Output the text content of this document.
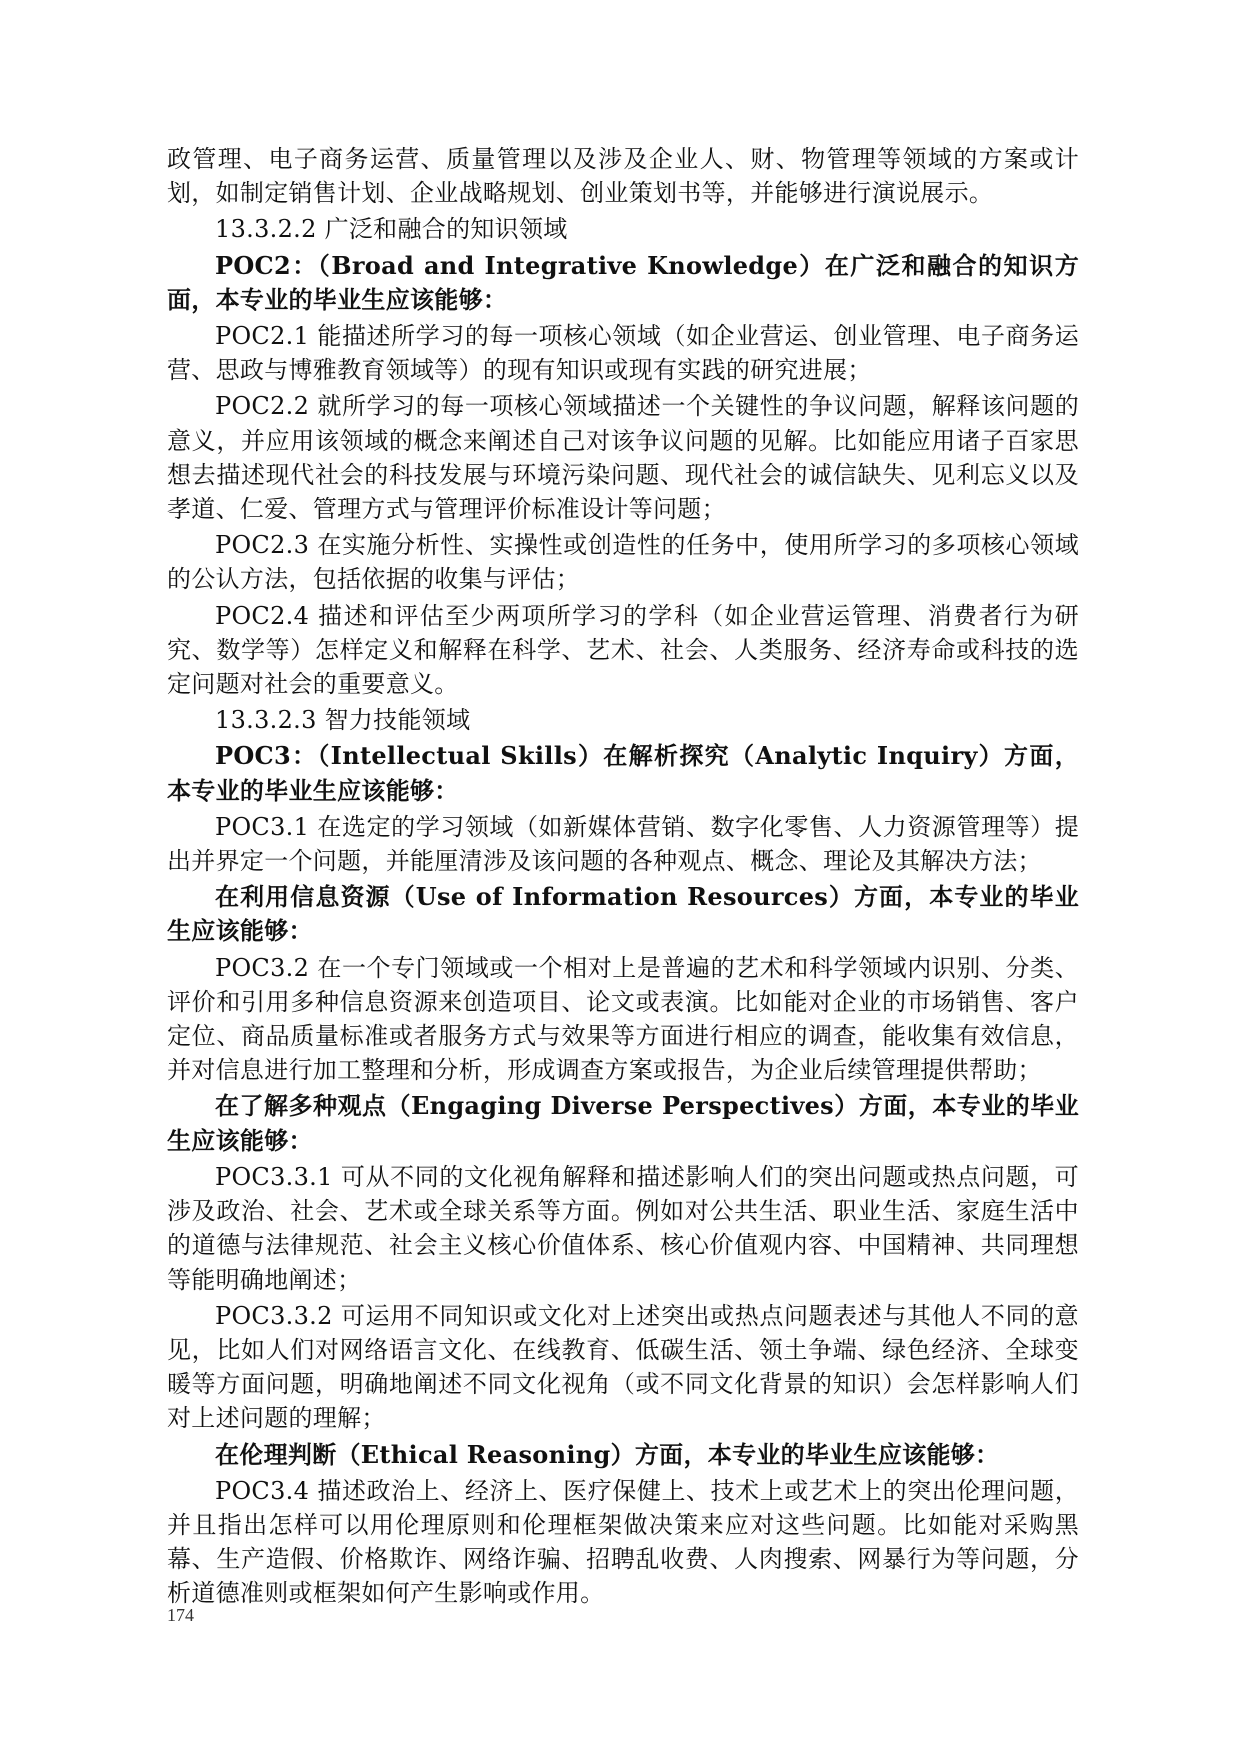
政管理、电子商务运营、质量管理以及涉及企业人、财、物管理等领域的方案或计划，如制定销售计划、企业战略规划、创业策划书等，并能够进行演说展示。

13.3.2.2 广泛和融合的知识领域

POC2：（Broad and Integrative Knowledge）在广泛和融合的知识方面，本专业的毕业生应该能够：

POC2.1 能描述所学习的每一项核心领域（如企业营运、创业管理、电子商务运营、思政与博雅教育领域等）的现有知识或现有实践的研究进展；

POC2.2 就所学习的每一项核心领域描述一个关键性的争议问题，解释该问题的意义，并应用该领域的概念来阐述自己对该争议问题的见解。比如能应用诸子百家思想去描述现代社会的科技发展与环境污染问题、现代社会的诚信缺失、见利忘义以及孝道、仁爱、管理方式与管理评价标准设计等问题；

POC2.3 在实施分析性、实操性或创造性的任务中，使用所学习的多项核心领域的公认方法，包括依据的收集与评估；

POC2.4 描述和评估至少两项所学习的学科（如企业营运管理、消费者行为研究、数学等）怎样定义和解释在科学、艺术、社会、人类服务、经济寿命或科技的选定问题对社会的重要意义。

13.3.2.3 智力技能领域

POC3：（Intellectual Skills）在解析探究（Analytic Inquiry）方面，本专业的毕业生应该能够：

POC3.1 在选定的学习领域（如新媒体营销、数字化零售、人力资源管理等）提出并界定一个问题，并能厘清涉及该问题的各种观点、概念、理论及其解决方法；

在利用信息资源（Use of Information Resources）方面，本专业的毕业生应该能够：

POC3.2 在一个专门领域或一个相对上是普遍的艺术和科学领域内识别、分类、评价和引用多种信息资源来创造项目、论文或表演。比如能对企业的市场销售、客户定位、商品质量标准或者服务方式与效果等方面进行相应的调查，能收集有效信息，并对信息进行加工整理和分析，形成调查方案或报告，为企业后续管理提供帮助；

在了解多种观点（Engaging Diverse Perspectives）方面，本专业的毕业生应该能够：

POC3.3.1 可从不同的文化视角解释和描述影响人们的突出问题或热点问题，可涉及政治、社会、艺术或全球关系等方面。例如对公共生活、职业生活、家庭生活中的道德与法律规范、社会主义核心价值体系、核心价值观内容、中国精神、共同理想等能明确地阐述；

POC3.3.2 可运用不同知识或文化对上述突出或热点问题表述与其他人不同的意见，比如人们对网络语言文化、在线教育、低碳生活、领土争端、绿色经济、全球变暖等方面问题，明确地阐述不同文化视角（或不同文化背景的知识）会怎样影响人们对上述问题的理解；

在伦理判断（Ethical Reasoning）方面，本专业的毕业生应该能够：

POC3.4 描述政治上、经济上、医疗保健上、技术上或艺术上的突出伦理问题，并且指出怎样可以用伦理原则和伦理框架做决策来应对这些问题。比如能对采购黑幕、生产造假、价格欺诈、网络诈骗、招聘乱收费、人肉搜索、网暴行为等问题，分析道德准则或框架如何产生影响或作用。

174
